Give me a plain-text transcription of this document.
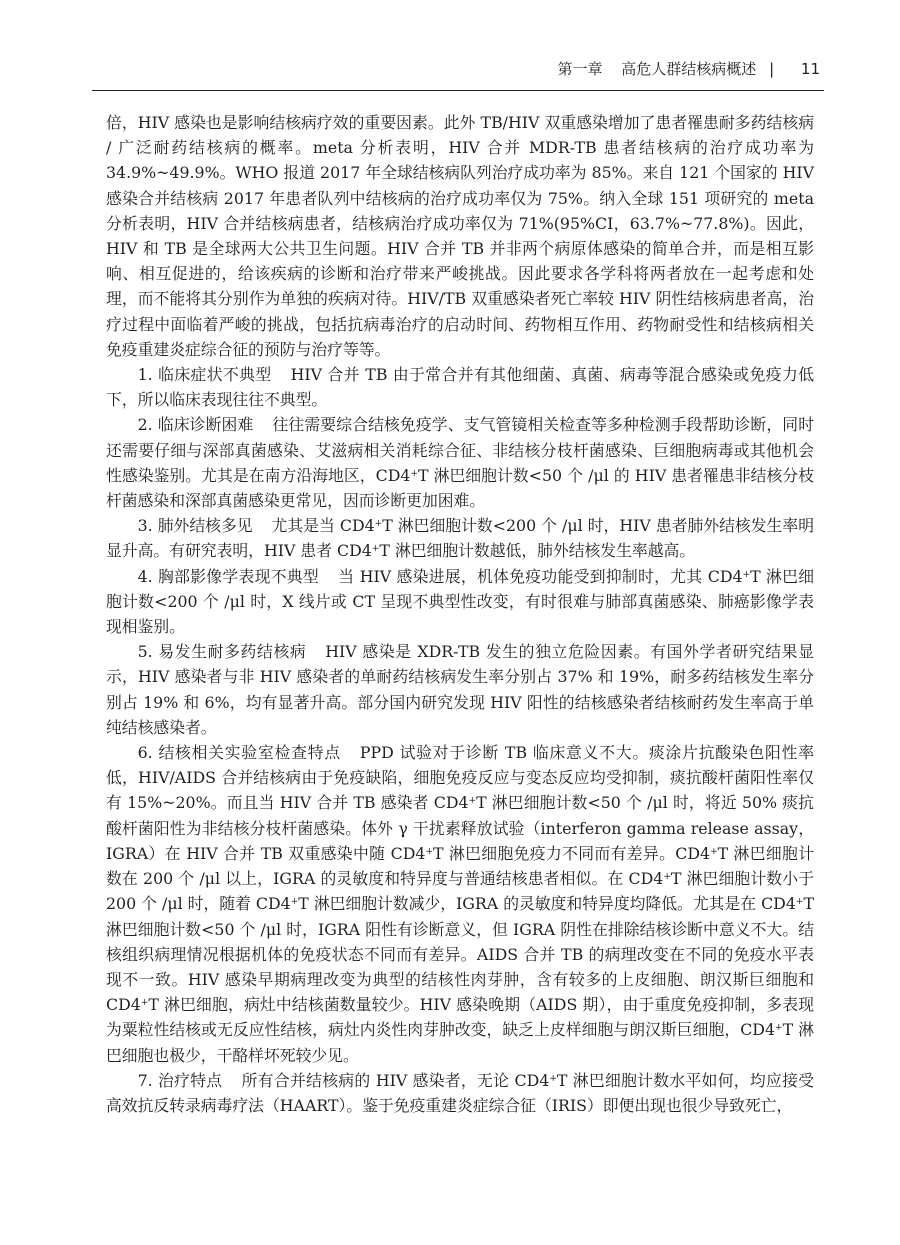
第一章 高危人群结核病概述 | 11

倍，HIV 感染也是影响结核病疗效的重要因素。此外 TB/HIV 双重感染增加了患者罹患耐多药结核病 / 广泛耐药结核病的概率。meta 分析表明，HIV 合并 MDR-TB 患者结核病的治疗成功率为 34.9%~49.9%。WHO 报道 2017 年全球结核病队列治疗成功率为 85%。来自 121 个国家的 HIV 感染合并结核病 2017 年患者队列中结核病的治疗成功率仅为 75%。纳入全球 151 项研究的 meta 分析表明，HIV 合并结核病患者，结核病治疗成功率仅为 71%(95%CI，63.7%~77.8%)。因此，HIV 和 TB 是全球两大公共卫生问题。HIV 合并 TB 并非两个病原体感染的简单合并，而是相互影响、相互促进的，给该疾病的诊断和治疗带来严峻挑战。因此要求各学科将两者放在一起考虑和处理，而不能将其分别作为单独的疾病对待。HIV/TB 双重感染者死亡率较 HIV 阴性结核病患者高，治疗过程中面临着严峻的挑战，包括抗病毒治疗的启动时间、药物相互作用、药物耐受性和结核病相关免疫重建炎症综合征的预防与治疗等等。

1. 临床症状不典型 HIV 合并 TB 由于常合并有其他细菌、真菌、病毒等混合感染或免疫力低下，所以临床表现往往不典型。

2. 临床诊断困难 往往需要综合结核免疫学、支气管镜相关检查等多种检测手段帮助诊断，同时还需要仔细与深部真菌感染、艾滋病相关消耗综合征、非结核分枝杆菌感染、巨细胞病毒或其他机会性感染鉴别。尤其是在南方沿海地区，CD4+T 淋巴细胞计数<50 个 /μl 的 HIV 患者罹患非结核分枝杆菌感染和深部真菌感染更常见，因而诊断更加困难。

3. 肺外结核多见 尤其是当 CD4+T 淋巴细胞计数<200 个 /μl 时，HIV 患者肺外结核发生率明显升高。有研究表明，HIV 患者 CD4+T 淋巴细胞计数越低，肺外结核发生率越高。

4. 胸部影像学表现不典型 当 HIV 感染进展，机体免疫功能受到抑制时，尤其 CD4+T 淋巴细胞计数<200 个 /μl 时，X 线片或 CT 呈现不典型性改变，有时很难与肺部真菌感染、肺癌影像学表现相鉴别。

5. 易发生耐多药结核病 HIV 感染是 XDR-TB 发生的独立危险因素。有国外学者研究结果显示，HIV 感染者与非 HIV 感染者的单耐药结核病发生率分别占 37% 和 19%，耐多药结核发生率分别占 19% 和 6%，均有显著升高。部分国内研究发现 HIV 阳性的结核感染者结核耐药发生率高于单纯结核感染者。

6. 结核相关实验室检查特点 PPD 试验对于诊断 TB 临床意义不大。痰涂片抗酸染色阳性率低，HIV/AIDS 合并结核病由于免疫缺陷，细胞免疫反应与变态反应均受抑制，痰抗酸杆菌阳性率仅有 15%~20%。而且当 HIV 合并 TB 感染者 CD4+T 淋巴细胞计数<50 个 /μl 时，将近 50% 痰抗酸杆菌阳性为非结核分枝杆菌感染。体外 γ 干扰素释放试验（interferon gamma release assay，IGRA）在 HIV 合并 TB 双重感染中随 CD4+T 淋巴细胞免疫力不同而有差异。CD4+T 淋巴细胞计数在 200 个 /μl 以上，IGRA 的灵敏度和特异度与普通结核患者相似。在 CD4+T 淋巴细胞计数小于 200 个 /μl 时，随着 CD4+T 淋巴细胞计数减少，IGRA 的灵敏度和特异度均降低。尤其是在 CD4+T 淋巴细胞计数<50 个 /μl 时，IGRA 阳性有诊断意义，但 IGRA 阴性在排除结核诊断中意义不大。结核组织病理情况根据机体的免疫状态不同而有差异。AIDS 合并 TB 的病理改变在不同的免疫水平表现不一致。HIV 感染早期病理改变为典型的结核性肉芽肿，含有较多的上皮细胞、朗汉斯巨细胞和 CD4+T 淋巴细胞，病灶中结核菌数量较少。HIV 感染晚期（AIDS 期），由于重度免疫抑制，多表现为粟粒性结核或无反应性结核，病灶内炎性肉芽肿改变，缺乏上皮样细胞与朗汉斯巨细胞，CD4+T 淋巴细胞也极少，干酪样坏死较少见。

7. 治疗特点 所有合并结核病的 HIV 感染者，无论 CD4+T 淋巴细胞计数水平如何，均应接受高效抗反转录病毒疗法（HAART）。鉴于免疫重建炎症综合征（IRIS）即便出现也很少导致死亡，
